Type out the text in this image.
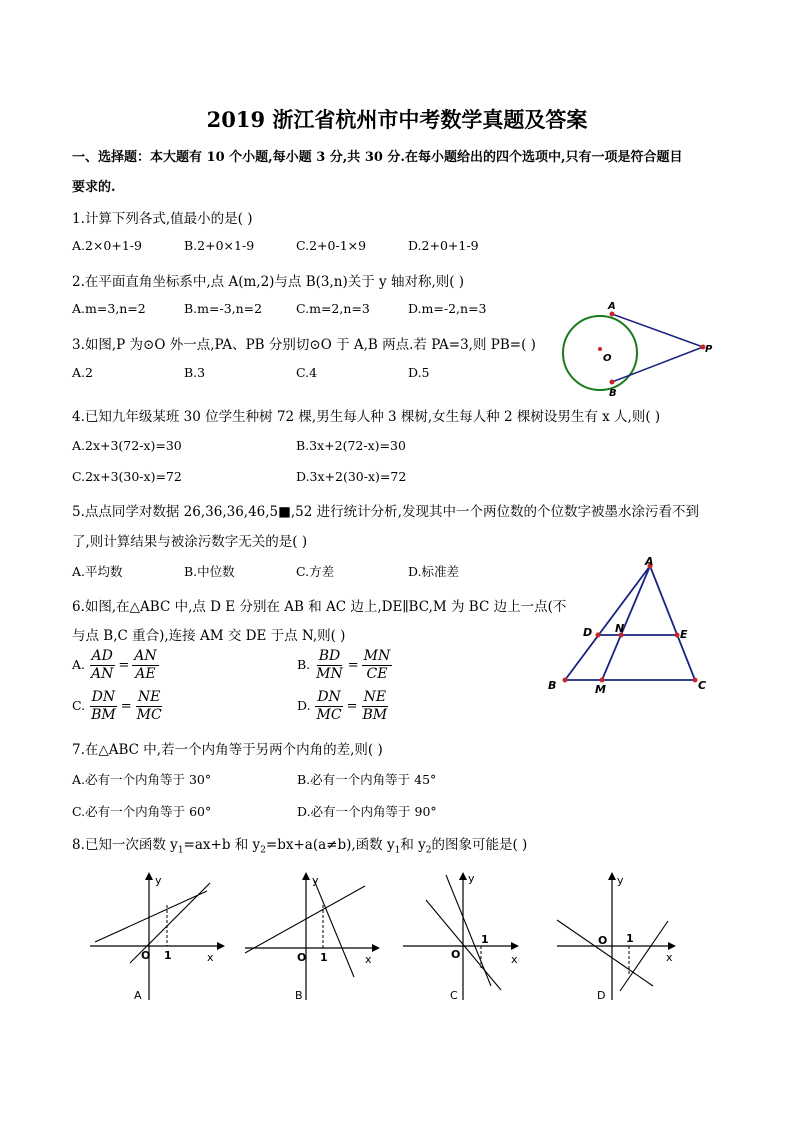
2019 浙江省杭州市中考数学真题及答案
一、选择题：本大题有 10 个小题,每小题 3 分,共 30 分.在每小题给出的四个选项中,只有一项是符合题目
要求的.
1.计算下列各式,值最小的是( )
A.2×0+1-9	B.2+0×1-9	C.2+0-1×9	D.2+0+1-9
2.在平面直角坐标系中,点 A(m,2)与点 B(3,n)关于 y 轴对称,则( )
A.m=3,n=2	B.m=-3,n=2	C.m=2,n=3	D.m=-2,n=3
3.如图,P 为⊙O 外一点,PA、PB 分别切⊙O 于 A,B 两点.若 PA=3,则 PB=( )
A.2	B.3	C.4	D.5
A
O
P
B
4.已知九年级某班 30 位学生种树 72 棵,男生每人种 3 棵树,女生每人种 2 棵树设男生有 x 人,则( )
A.2x+3(72-x)=30	B.3x+2(72-x)=30
C.2x+3(30-x)=72	D.3x+2(30-x)=72
5.点点同学对数据 26,36,36,46,5■,52 进行统计分析,发现其中一个两位数的个位数字被墨水涂污看不到
了,则计算结果与被涂污数字无关的是( )
A.平均数	B.中位数	C.方差	D.标准差
6.如图,在△ABC 中,点 D E 分别在 AB 和 AC 边上,DE∥BC,M 为 BC 边上一点(不
与点 B,C 重合),连接 AM 交 DE 于点 N,则( )
A. $\frac{AD}{AN} = \frac{AN}{AE}$	B. $\frac{BD}{MN} = \frac{MN}{CE}$
C. $\frac{DN}{BM} = \frac{NE}{MC}$	D. $\frac{DN}{MC} = \frac{NE}{BM}$
A
D N	E
B	M	C
7.在△ABC 中,若一个内角等于另两个内角的差,则( )
A.必有一个内角等于 30°	B.必有一个内角等于 45°
C.必有一个内角等于 60°	D.必有一个内角等于 90°
8.已知一次函数 $y_1=ax+b$ 和 $y_2=bx+a(a\ne b)$,函数 $y_1$和 $y_2$的图象可能是( )
y
O 1	x
A
y
O 1	x
B
y
O
1
x
C
y
O 1
x
D
